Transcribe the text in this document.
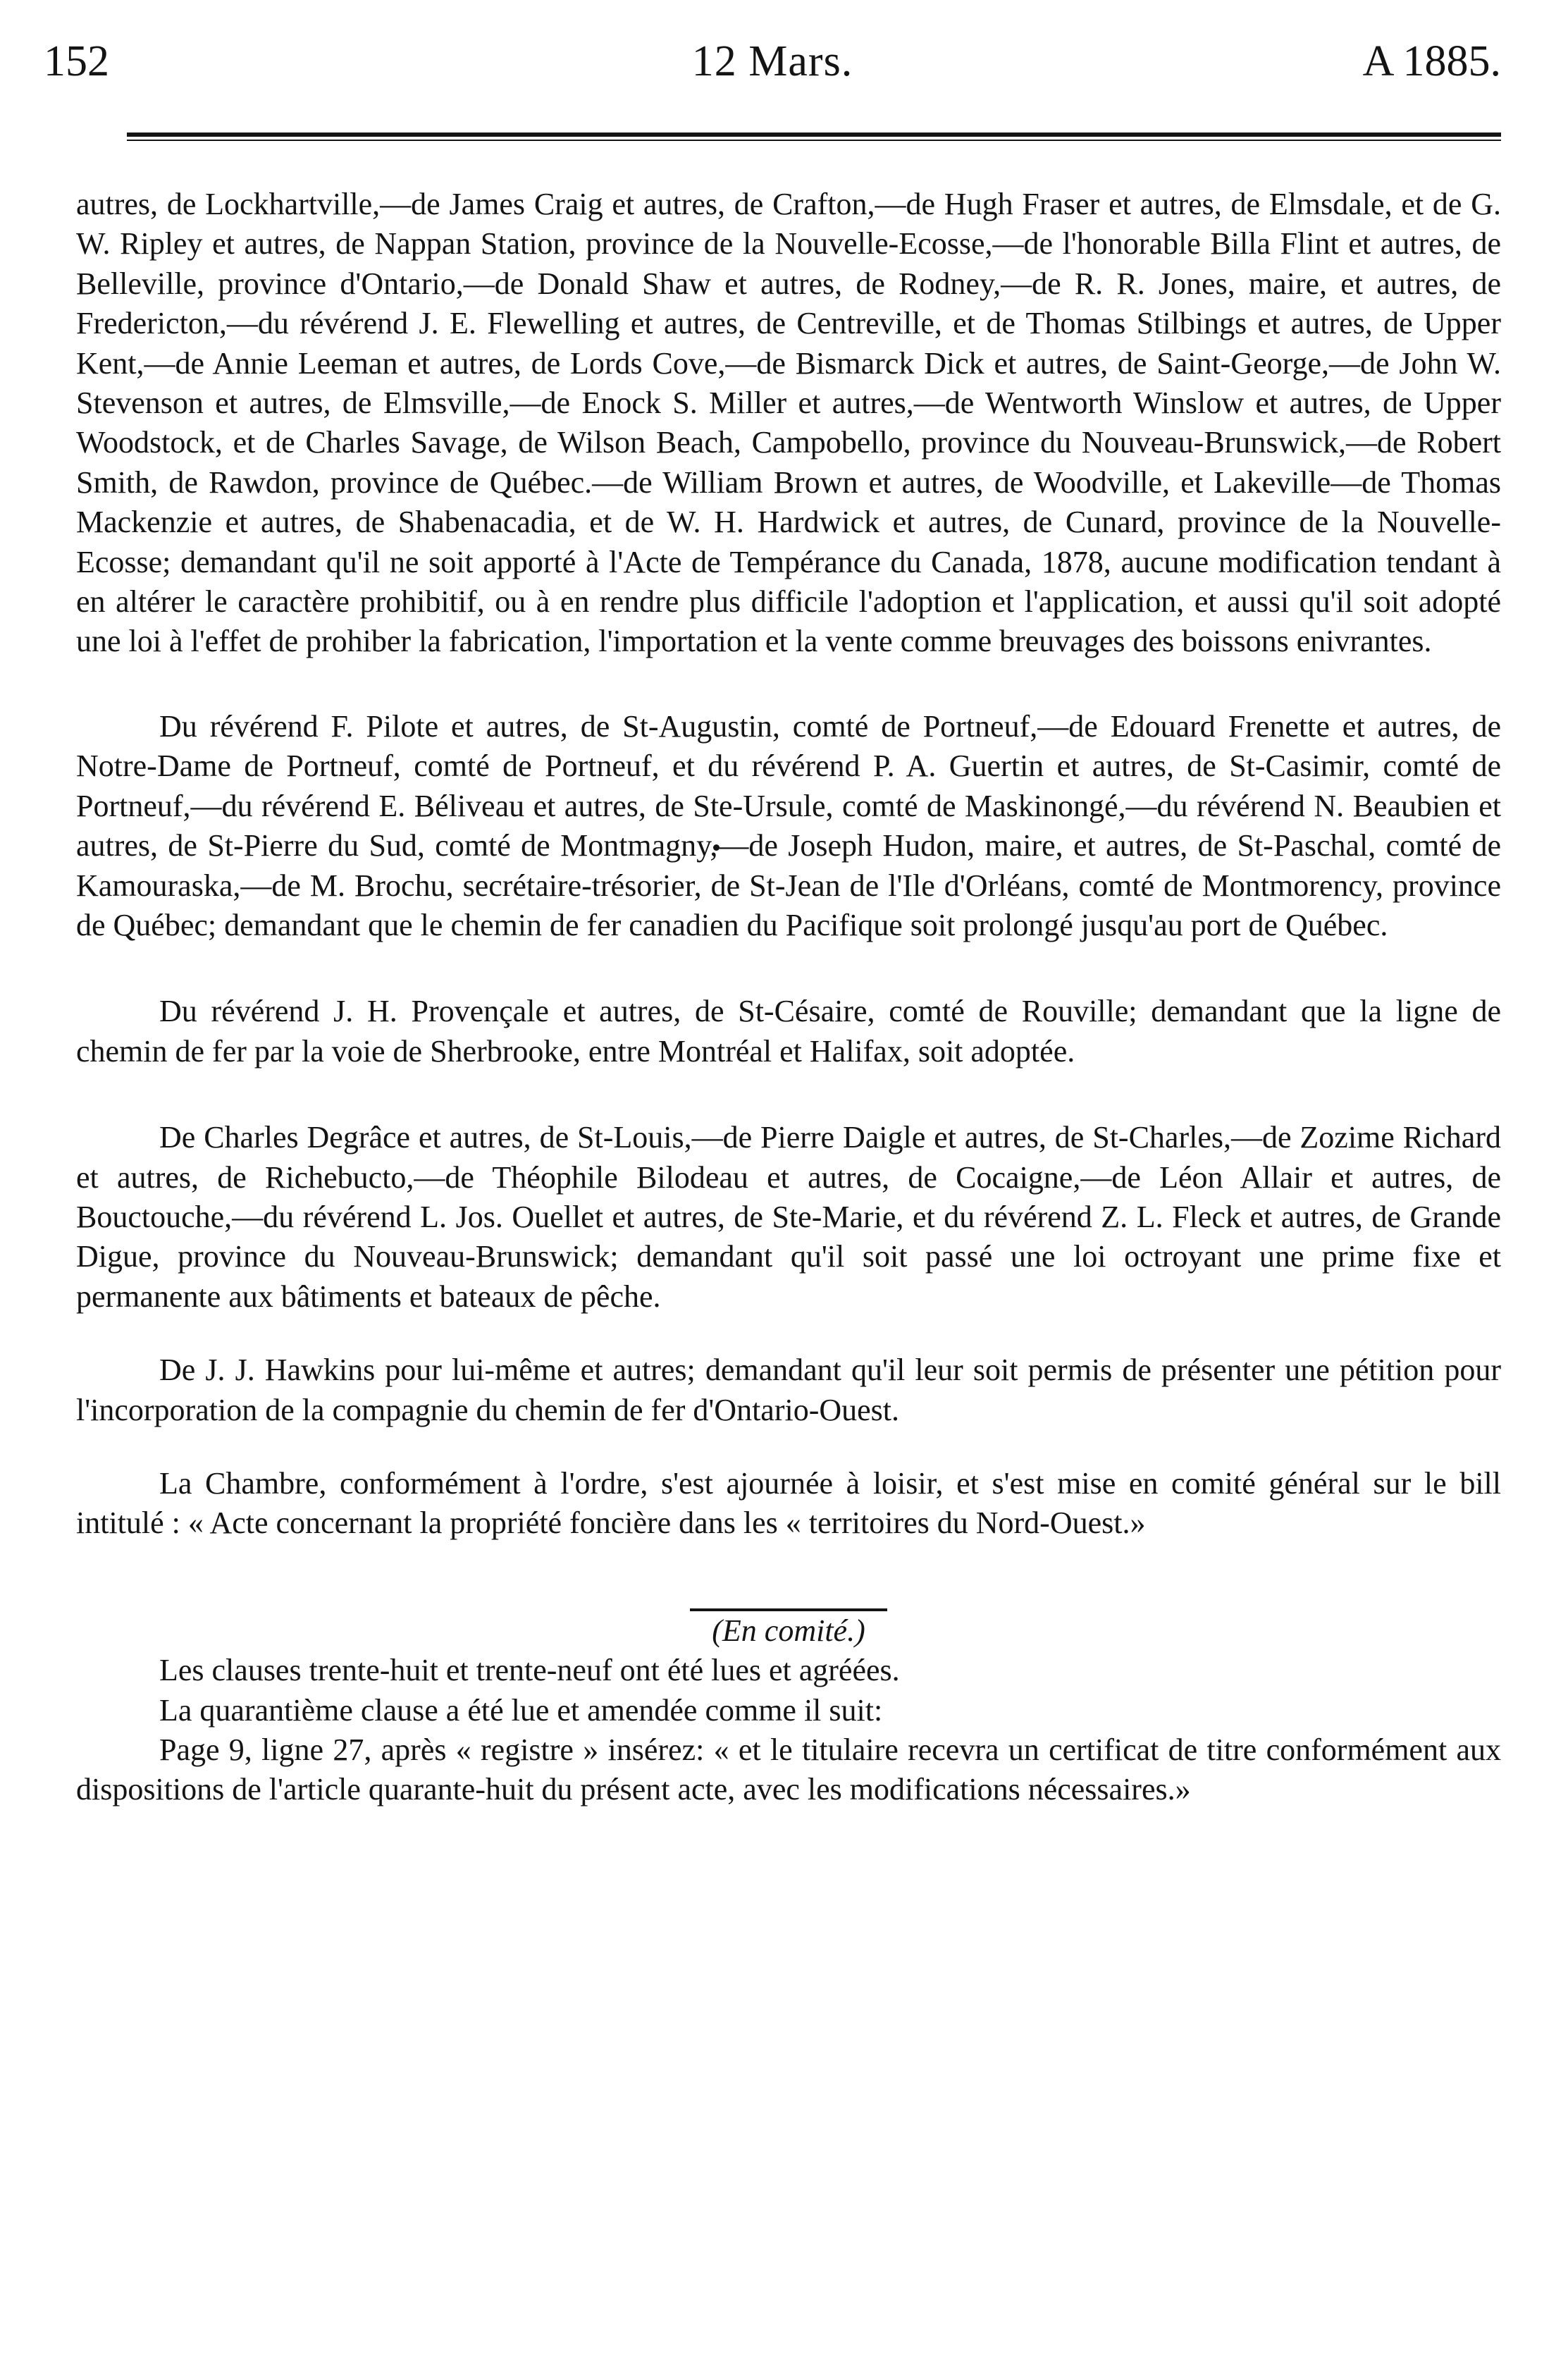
152	12 Mars.	A 1885.

autres, de Lockhartville,—de James Craig et autres, de Crafton,—de Hugh Fraser et autres, de Elmsdale, et de G. W. Ripley et autres, de Nappan Station, province de la Nouvelle-Ecosse,—de l'honorable Billa Flint et autres, de Belleville, province d'Ontario,—de Donald Shaw et autres, de Rodney,—de R. R. Jones, maire, et autres, de Fredericton,—du révérend J. E. Flewelling et autres, de Centreville, et de Thomas Stilbings et autres, de Upper Kent,—de Annie Leeman et autres, de Lords Cove,—de Bismarck Dick et autres, de Saint-George,—de John W. Stevenson et autres, de Elmsville,—de Enock S. Miller et autres,—de Wentworth Winslow et autres, de Upper Woodstock, et de Charles Savage, de Wilson Beach, Campobello, province du Nouveau-Brunswick,—de Robert Smith, de Rawdon, province de Québec.—de William Brown et autres, de Woodville, et Lakeville—de Thomas Mackenzie et autres, de Shabenacadia, et de W. H. Hardwick et autres, de Cunard, province de la Nouvelle-Ecosse; demandant qu'il ne soit apporté à l'Acte de Tempérance du Canada, 1878, aucune modification tendant à en altérer le caractère prohibitif, ou à en rendre plus difficile l'adoption et l'application, et aussi qu'il soit adopté une loi à l'effet de prohiber la fabrication, l'importation et la vente comme breuvages des boissons enivrantes.

Du révérend F. Pilote et autres, de St-Augustin, comté de Portneuf,—de Edouard Frenette et autres, de Notre-Dame de Portneuf, comté de Portneuf, et du révérend P. A. Guertin et autres, de St-Casimir, comté de Portneuf,—du révérend E. Béliveau et autres, de Ste-Ursule, comté de Maskinongé,—du révérend N. Beaubien et autres, de St-Pierre du Sud, comté de Montmagny,—de Joseph Hudon, maire, et autres, de St-Paschal, comté de Kamouraska,—de M. Brochu, secrétaire-trésorier, de St-Jean de l'Ile d'Orléans, comté de Montmorency, province de Québec; demandant que le chemin de fer canadien du Pacifique soit prolongé jusqu'au port de Québec.

Du révérend J. H. Provençale et autres, de St-Césaire, comté de Rouville; demandant que la ligne de chemin de fer par la voie de Sherbrooke, entre Montréal et Halifax, soit adoptée.

De Charles Degrâce et autres, de St-Louis,—de Pierre Daigle et autres, de St-Charles,—de Zozime Richard et autres, de Richebucto,—de Théophile Bilodeau et autres, de Cocaigne,—de Léon Allair et autres, de Bouctouche,—du révérend L. Jos. Ouellet et autres, de Ste-Marie, et du révérend Z. L. Fleck et autres, de Grande Digue, province du Nouveau-Brunswick; demandant qu'il soit passé une loi octroyant une prime fixe et permanente aux bâtiments et bateaux de pêche.

De J. J. Hawkins pour lui-même et autres; demandant qu'il leur soit permis de présenter une pétition pour l'incorporation de la compagnie du chemin de fer d'Ontario-Ouest.

La Chambre, conformément à l'ordre, s'est ajournée à loisir, et s'est mise en comité général sur le bill intitulé : « Acte concernant la propriété foncière dans les « territoires du Nord-Ouest.»

(En comité.)

Les clauses trente-huit et trente-neuf ont été lues et agréées.

La quarantième clause a été lue et amendée comme il suit:

Page 9, ligne 27, après « registre » insérez: « et le titulaire recevra un certificat de titre conformément aux dispositions de l'article quarante-huit du présent acte, avec les modifications nécessaires.»
